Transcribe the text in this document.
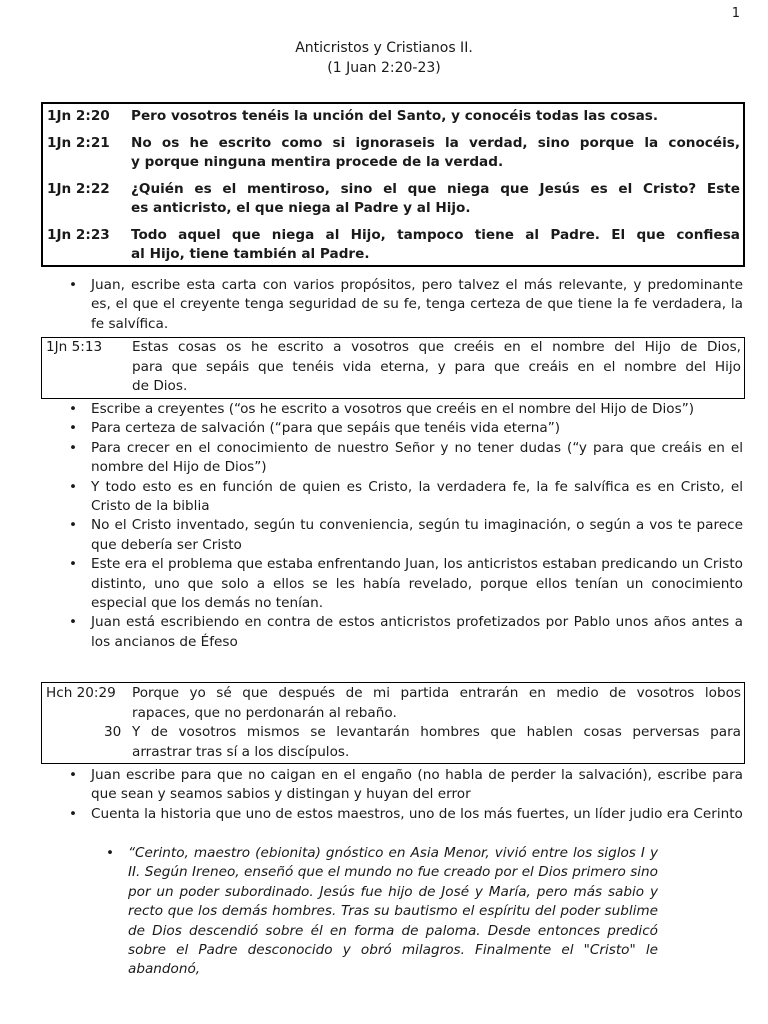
1
Anticristos y Cristianos II.
(1 Juan 2:20-23)
1Jn 2:20 Pero vosotros tenéis la unción del Santo, y conocéis todas las cosas.
1Jn 2:21 No os he escrito como si ignoraseis la verdad, sino porque la conocéis,
y porque ninguna mentira procede de la verdad.
1Jn 2:22 ¿Quién es el mentiroso, sino el que niega que Jesús es el Cristo? Este
es anticristo, el que niega al Padre y al Hijo.
1Jn 2:23 Todo aquel que niega al Hijo, tampoco tiene al Padre. El que confiesa
al Hijo, tiene también al Padre.
• Juan, escribe esta carta con varios propósitos, pero talvez el más relevante, y predominante es, el que el creyente tenga seguridad de su fe, tenga certeza de que tiene la fe verdadera, la fe salvífica.
1Jn 5:13 Estas cosas os he escrito a vosotros que creéis en el nombre del Hijo de Dios,
para que sepáis que tenéis vida eterna, y para que creáis en el nombre del Hijo
de Dios.
• Escribe a creyentes (“os he escrito a vosotros que creéis en el nombre del Hijo de Dios”)
• Para certeza de salvación (“para que sepáis que tenéis vida eterna”)
• Para crecer en el conocimiento de nuestro Señor y no tener dudas (“y para que creáis en el nombre del Hijo de Dios”)
• Y todo esto es en función de quien es Cristo, la verdadera fe, la fe salvífica es en Cristo, el Cristo de la biblia
• No el Cristo inventado, según tu conveniencia, según tu imaginación, o según a vos te parece que debería ser Cristo
• Este era el problema que estaba enfrentando Juan, los anticristos estaban predicando un Cristo distinto, uno que solo a ellos se les había revelado, porque ellos tenían un conocimiento especial que los demás no tenían.
• Juan está escribiendo en contra de estos anticristos profetizados por Pablo unos años antes a los ancianos de Éfeso
Hch 20:29 Porque yo sé que después de mi partida entrarán en medio de vosotros lobos
rapaces, que no perdonarán al rebaño.
30 Y de vosotros mismos se levantarán hombres que hablen cosas perversas para
arrastrar tras sí a los discípulos.
• Juan escribe para que no caigan en el engaño (no habla de perder la salvación), escribe para que sean y seamos sabios y distingan y huyan del error
• Cuenta la historia que uno de estos maestros, uno de los más fuertes, un líder judio era Cerinto
• “Cerinto, maestro (ebionita) gnóstico en Asia Menor, vivió entre los siglos I y II. Según Ireneo, enseñó que el mundo no fue creado por el Dios primero sino por un poder subordinado. Jesús fue hijo de José y María, pero más sabio y recto que los demás hombres. Tras su bautismo el espíritu del poder sublime de Dios descendió sobre él en forma de paloma. Desde entonces predicó sobre el Padre desconocido y obró milagros. Finalmente el "Cristo" le abandonó,
